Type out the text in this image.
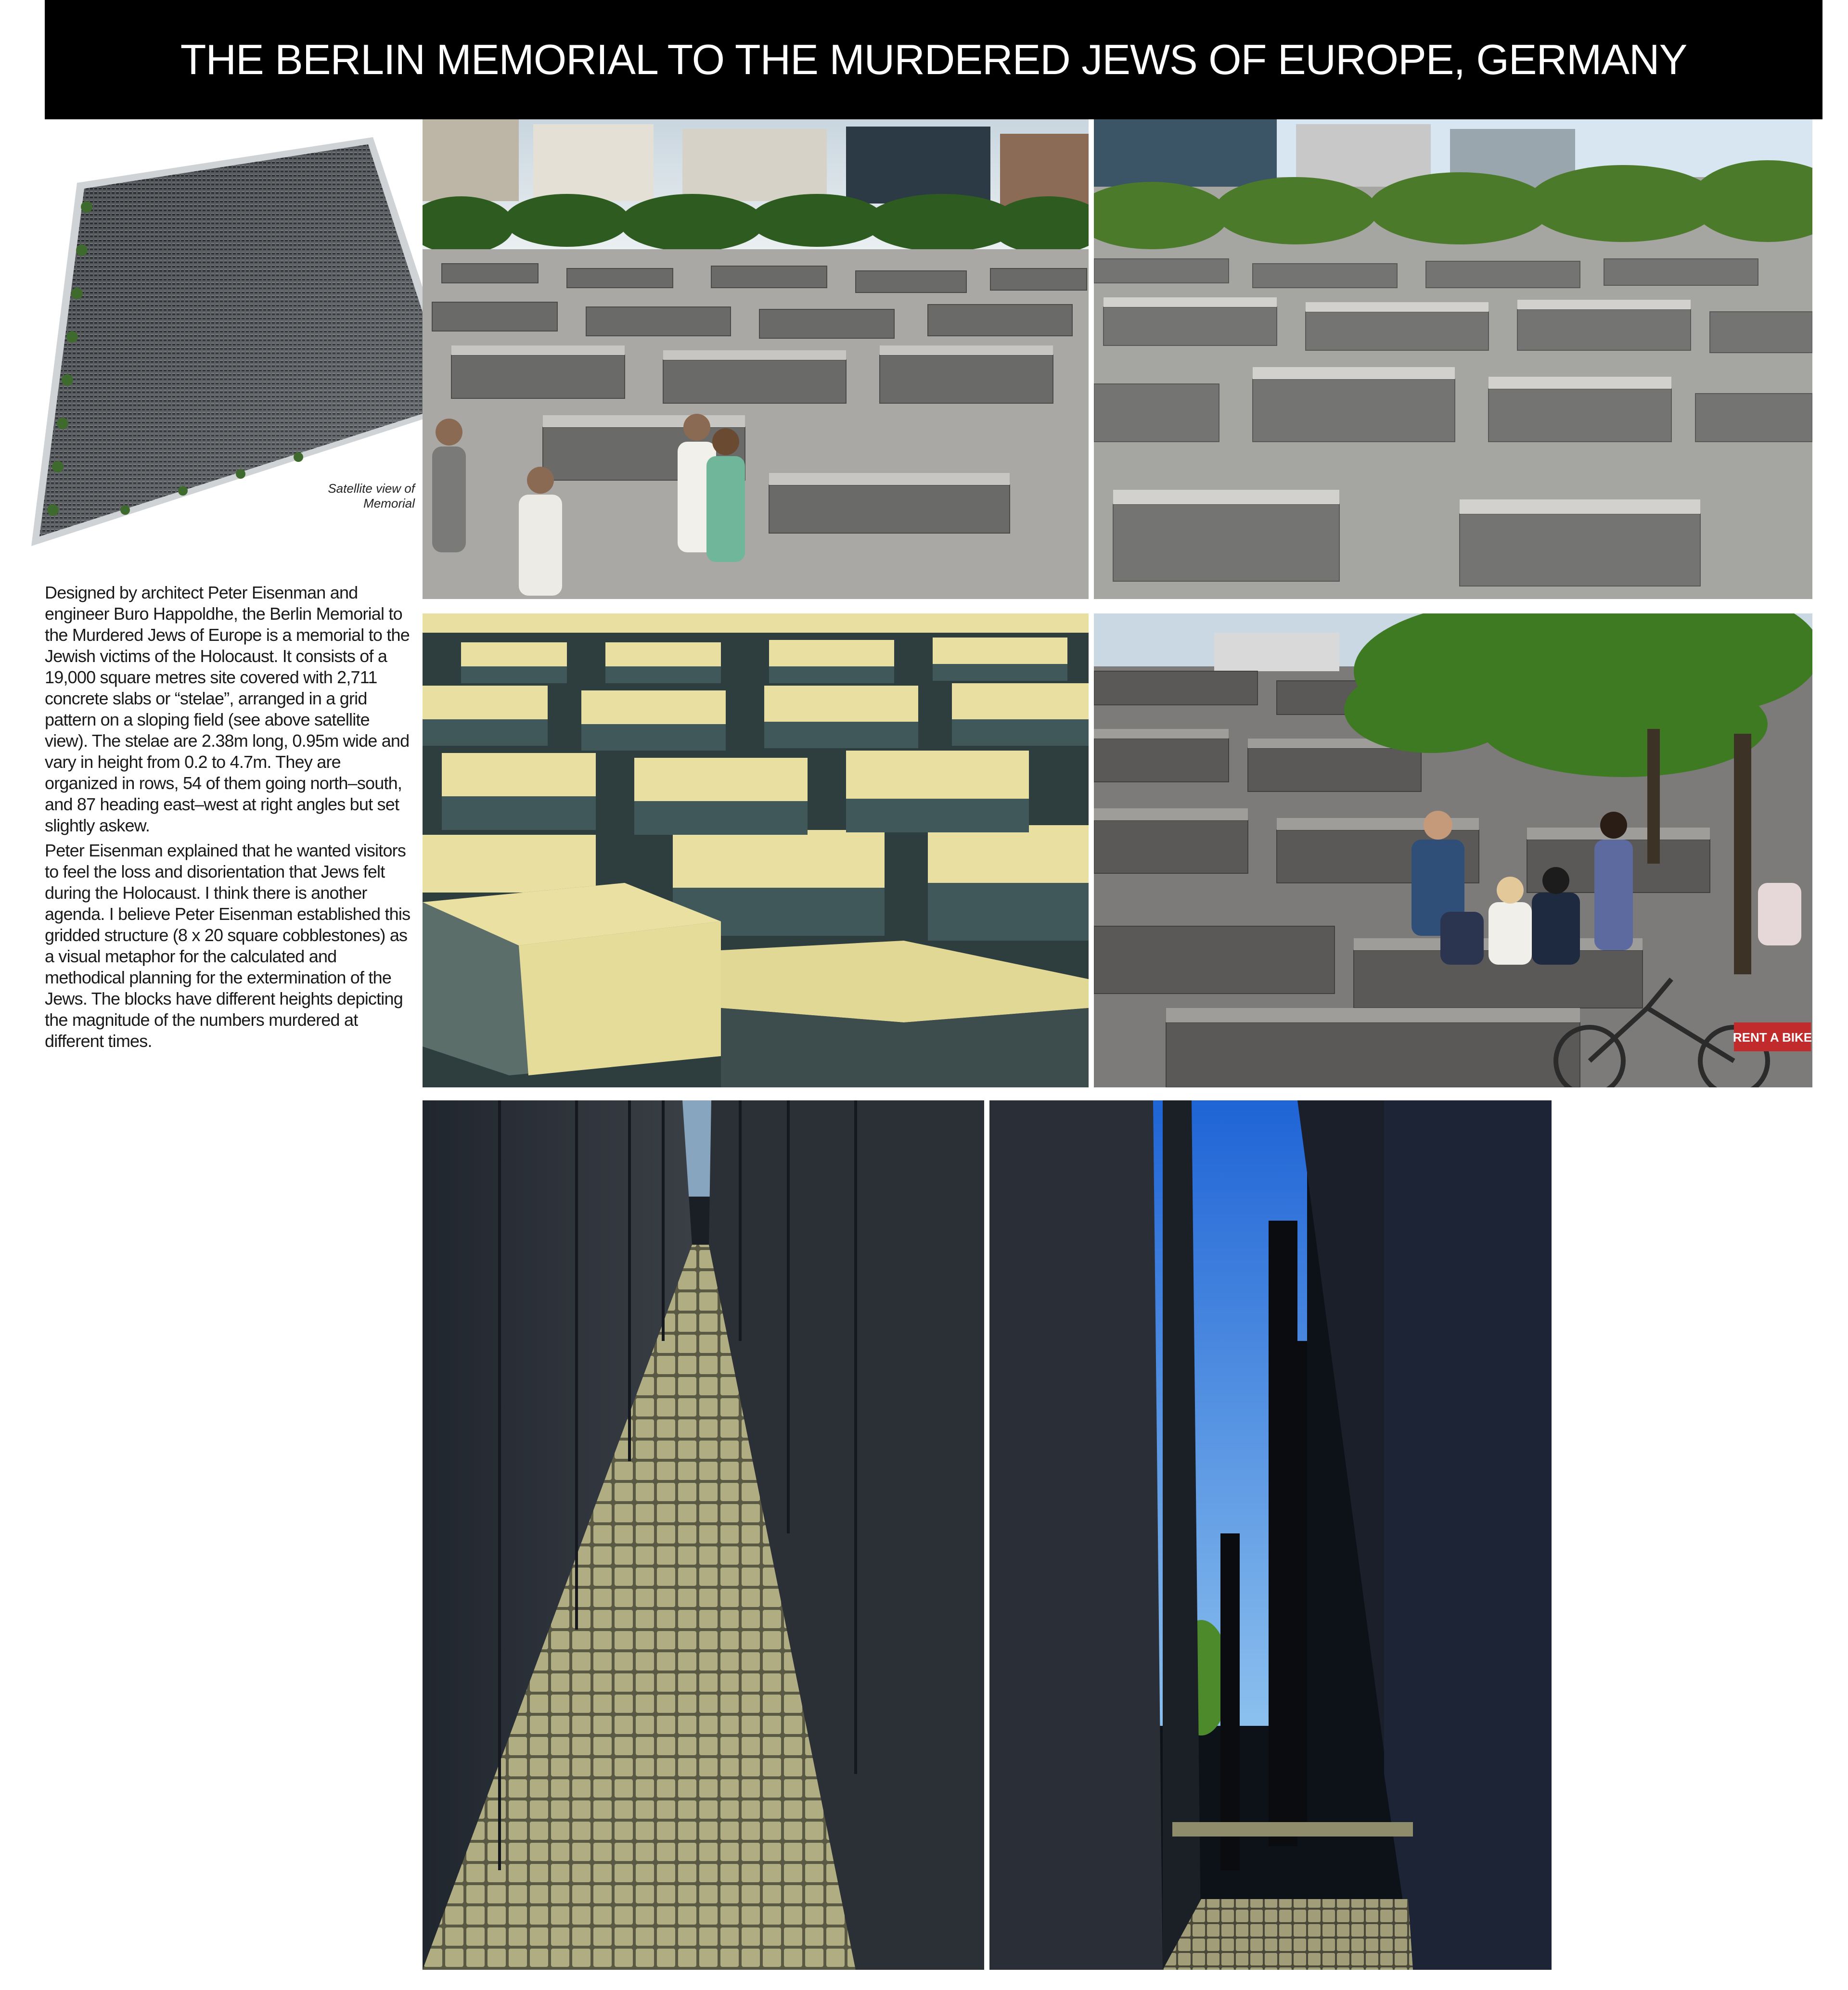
THE BERLIN MEMORIAL TO THE MURDERED JEWS OF EUROPE, GERMANY
Satellite view of Memorial

Designed by architect Peter Eisenman and engineer Buro Happoldhe, the Berlin Memorial to the Murdered Jews of Europe is a memorial to the Jewish victims of the Holocaust. It consists of a 19,000 square metres site covered with 2,711 concrete slabs or “stelae”, arranged in a grid pattern on a sloping field (see above satellite view). The stelae are 2.38m long, 0.95m wide and vary in height from 0.2 to 4.7m. They are organized in rows, 54 of them going north–south, and 87 heading east–west at right angles but set slightly askew.

Peter Eisenman explained that he wanted visitors to feel the loss and disorientation that Jews felt during the Holocaust. I think there is another agenda. I believe Peter Eisenman established this gridded structure (8 x 20 square cobblestones) as a visual metaphor for the calculated and methodical planning for the extermination of the Jews. The blocks have different heights depicting the magnitude of the numbers murdered at different times.	RENT A BIKE
